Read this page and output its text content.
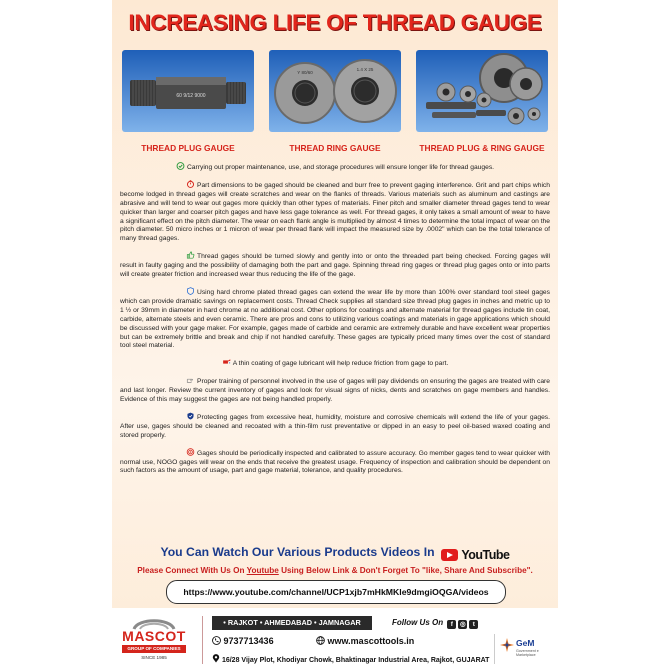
INCREASING LIFE OF THREAD GAUGE
60 9/12 9000
Y 80/60
1.4 X 25
THREAD PLUG GAUGE	THREAD RING GAUGE	THREAD PLUG & RING GAUGE

Carrying out proper maintenance, use, and storage procedures will ensure longer life for thread gauges.

Part dimensions to be gaged should be cleaned and burr free to prevent gaging interference. Grit and part chips which become lodged in thread gages will create scratches and wear on the flanks of threads. Various materials such as aluminum and castings are abrasive and will tend to wear out gages more quickly than other types of materials. Finer pitch and smaller diameter thread gages tend to wear quicker than larger and coarser pitch gages and have less gage tolerance as well. For thread gages, it only takes a small amount of wear to have a significant effect on the pitch diameter. The wear on each flank angle is multiplied by almost 4 times to determine the total impact of wear on the pitch diameter. 50 micro inches or 1 micron of wear per thread flank will impact the measured size by .0002" which can be the total tolerance of many thread gages.

Thread gages should be turned slowly and gently into or onto the threaded part being checked. Forcing gages will result in faulty gaging and the possibility of damaging both the part and gage. Spinning thread ring gages or thread plug gages onto or into parts will create greater friction and increased wear thus reducing the life of the gage.

Using hard chrome plated thread gages can extend the wear life by more than 100% over standard tool steel gages which can provide dramatic savings on replacement costs. Thread Check supplies all standard size thread plug gages in inches and metric up to 1 ½ or 39mm in diameter in hard chrome at no additional cost. Other options for coatings and alternate material for thread gages include tin coat, carbide, alternate steels and even ceramic. There are pros and cons to utilizing various coatings and materials in gage applications which should be discussed with your gage maker. For example, gages made of carbide and ceramic are extremely durable and have excellent wear properties but can be extremely brittle and break and chip if not handled carefully. These gages are typically priced many times over the cost of standard tool steel material.

A thin coating of gage lubricant will help reduce friction from gage to part.

Proper training of personnel involved in the use of gages will pay dividends on ensuring the gages are treated with care and last longer. Review the current inventory of gages and look for visual signs of nicks, dents and scratches on gage members and handles. Evidence of this may suggest the gages are not being handled properly.

Protecting gages from excessive heat, humidity, moisture and corrosive chemicals will extend the life of your gages. After use, gages should be cleaned and recoated with a thin-film rust preventative or dipped in an easy to peel oil-based waxed coating and stored properly.

Gages should be periodically inspected and calibrated to assure accuracy. Go member gages tend to wear quicker with normal use, NOGO gages will wear on the ends that receive the greatest usage. Frequency of inspection and calibration should be dependent on such factors as the amount of usage, part and gage material, tolerance, and quality procedures.

You Can Watch Our Various Products Videos In YouTube
Please Connect With Us On Youtube Using Below Link & Don't Forget To "like, Share And Subscribe".
https://www.youtube.com/channel/UCP1xjb7mHkMKle9dmgiOQGA/videos
MASCOT
GROUP OF COMPANIES
SINCE 1985
• RAJKOT • AHMEDABAD • JAMNAGAR	Follow Us On f ◎ t
9737713436	www.mascottools.in
16/28 Vijay Plot, Khodiyar Chowk, Bhaktinagar Industrial Area, Rajkot, GUJARAT
GeM
Government e Marketplace
